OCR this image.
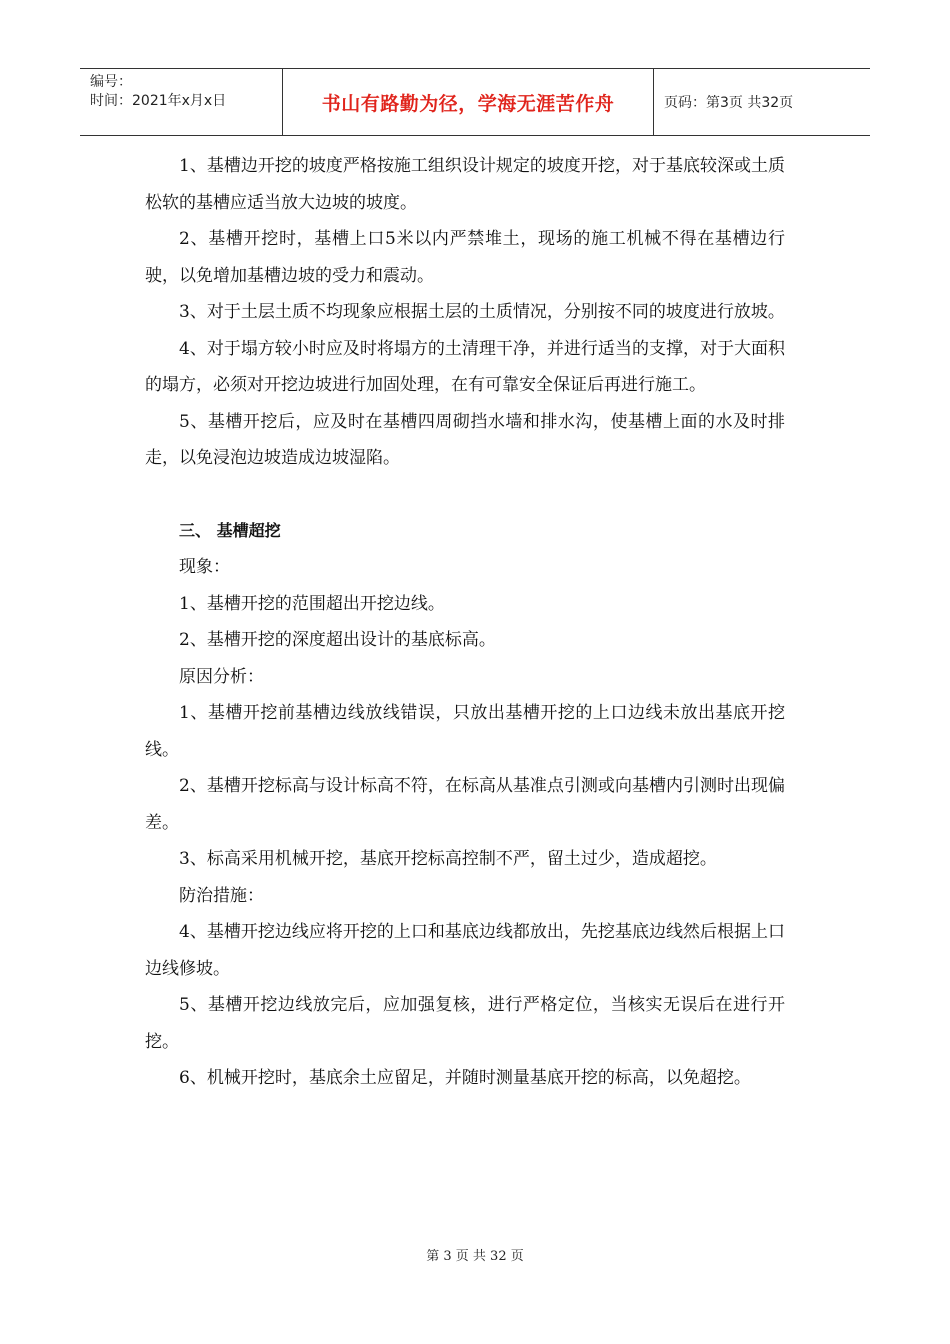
编号：
时间：2021年x月x日	书山有路勤为径，学海无涯苦作舟	页码：第3页 共32页

1、基槽边开挖的坡度严格按施工组织设计规定的坡度开挖，对于基底较深或土质松软的基槽应适当放大边坡的坡度。

2、基槽开挖时，基槽上口5米以内严禁堆土，现场的施工机械不得在基槽边行驶，以免增加基槽边坡的受力和震动。

3、对于土层土质不均现象应根据土层的土质情况，分别按不同的坡度进行放坡。

4、对于塌方较小时应及时将塌方的土清理干净，并进行适当的支撑，对于大面积的塌方，必须对开挖边坡进行加固处理，在有可靠安全保证后再进行施工。

5、基槽开挖后，应及时在基槽四周砌挡水墙和排水沟，使基槽上面的水及时排走，以免浸泡边坡造成边坡湿陷。

三、 基槽超挖

现象：

1、基槽开挖的范围超出开挖边线。

2、基槽开挖的深度超出设计的基底标高。

原因分析：

1、基槽开挖前基槽边线放线错误，只放出基槽开挖的上口边线未放出基底开挖线。

2、基槽开挖标高与设计标高不符，在标高从基准点引测或向基槽内引测时出现偏差。

3、标高采用机械开挖，基底开挖标高控制不严，留土过少，造成超挖。

防治措施：

4、基槽开挖边线应将开挖的上口和基底边线都放出，先挖基底边线然后根据上口边线修坡。

5、基槽开挖边线放完后，应加强复核，进行严格定位，当核实无误后在进行开挖。

6、机械开挖时，基底余土应留足，并随时测量基底开挖的标高，以免超挖。

第 3 页 共 32 页
